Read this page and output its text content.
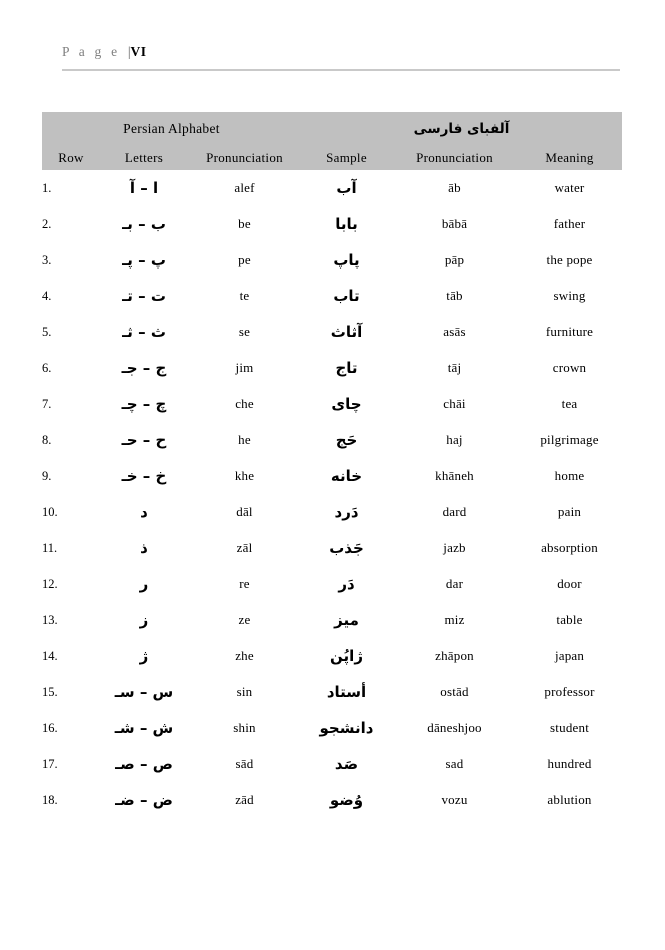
P a g e |VI
Persian Alphabet			آلفبای فارسی		
Row	Letters	Pronunciation	Sample	Pronunciation	Meaning
1.	ا – آ	alef	آب	āb	water
2.	ب – بـ	be	بابا	bābā	father
3.	پ – پـ	pe	پاپ	pāp	the pope
4.	ت – تـ	te	تاب	tāb	swing
5.	ث – ثـ	se	آثاث	asās	furniture
6.	ج – جـ	jim	تاج	tāj	crown
7.	چ – چـ	che	چای	chāi	tea
8.	ح – حـ	he	حَج	haj	pilgrimage
9.	خ – خـ	khe	خانه	khāneh	home
10.	د	dāl	دَرد	dard	pain
11.	ذ	zāl	جَذب	jazb	absorption
12.	ر	re	دَر	dar	door
13.	ز	ze	میز	miz	table
14.	ژ	zhe	ژاپُن	zhāpon	japan
15.	س – سـ	sin	أستاد	ostād	professor
16.	ش – شـ	shin	دانشجو	dāneshjoo	student
17.	ص – صـ	sād	صَد	sad	hundred
18.	ض – ضـ	zād	وُضو	vozu	ablution
